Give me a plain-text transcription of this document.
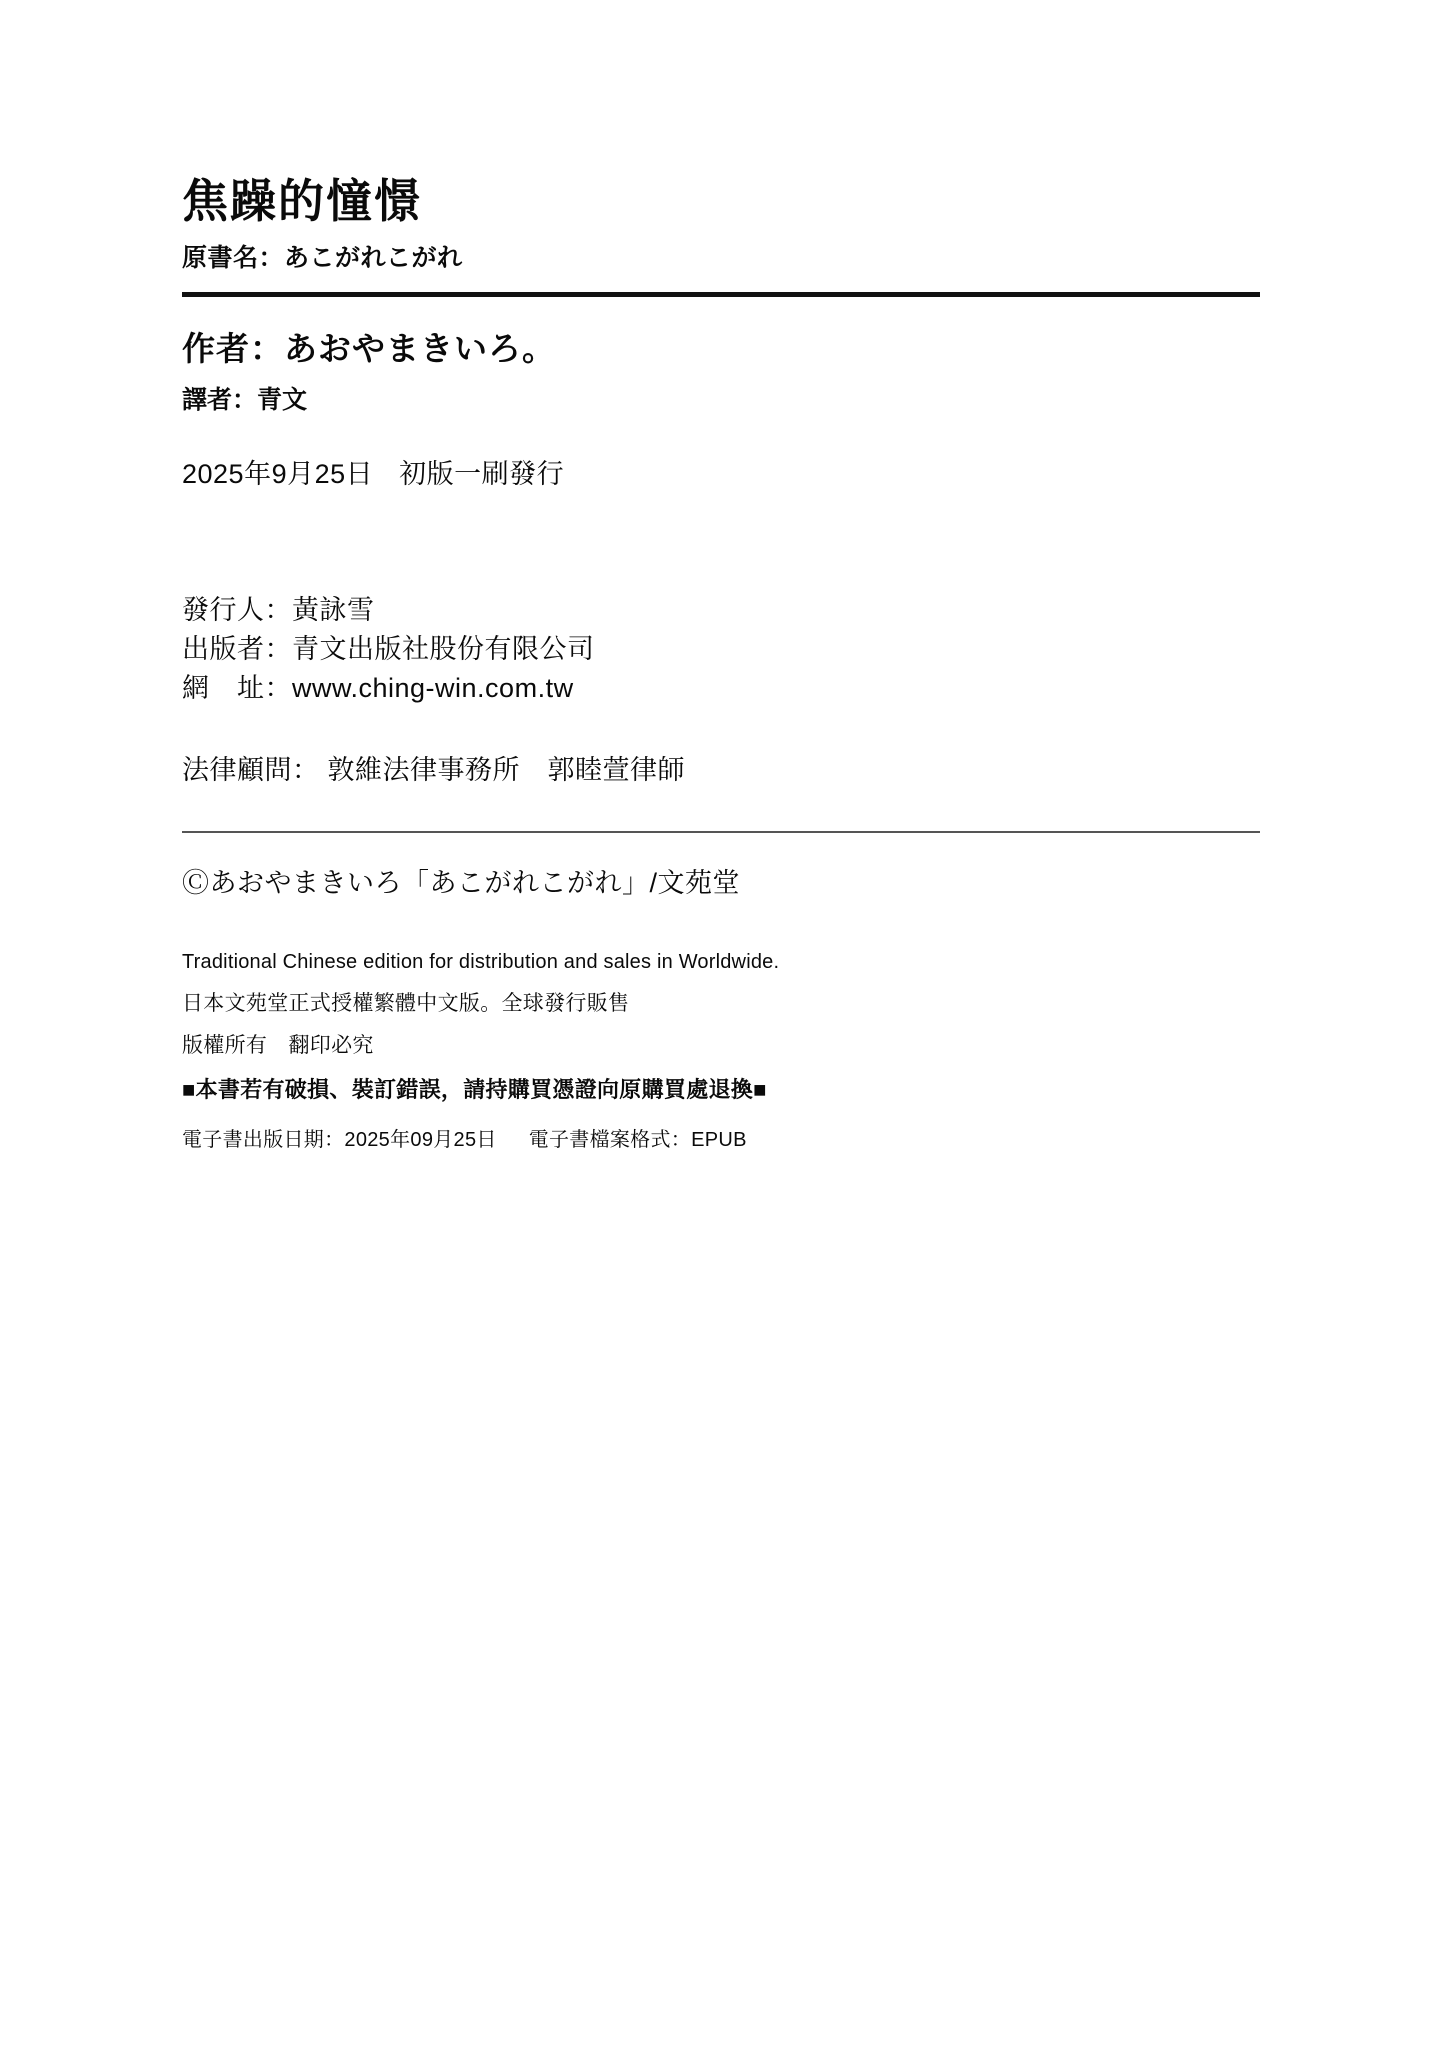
焦躁的憧憬
原書名：あこがれこがれ
作者：あおやまきいろ。
譯者：青文
2025年9月25日 初版一刷發行
發行人：黃詠雪
出版者：青文出版社股份有限公司
網　址：www.ching-win.com.tw
法律顧問： 敦維法律事務所　郭睦萱律師
Ⓒあおやまきいろ「あこがれこがれ」/文苑堂

Traditional Chinese edition for distribution and sales in Worldwide.

日本文苑堂正式授權繁體中文版。全球發行販售

版權所有　翻印必究

■本書若有破損、裝訂錯誤，請持購買憑證向原購買處退換■

電子書出版日期：2025年09月25日 電子書檔案格式：EPUB
